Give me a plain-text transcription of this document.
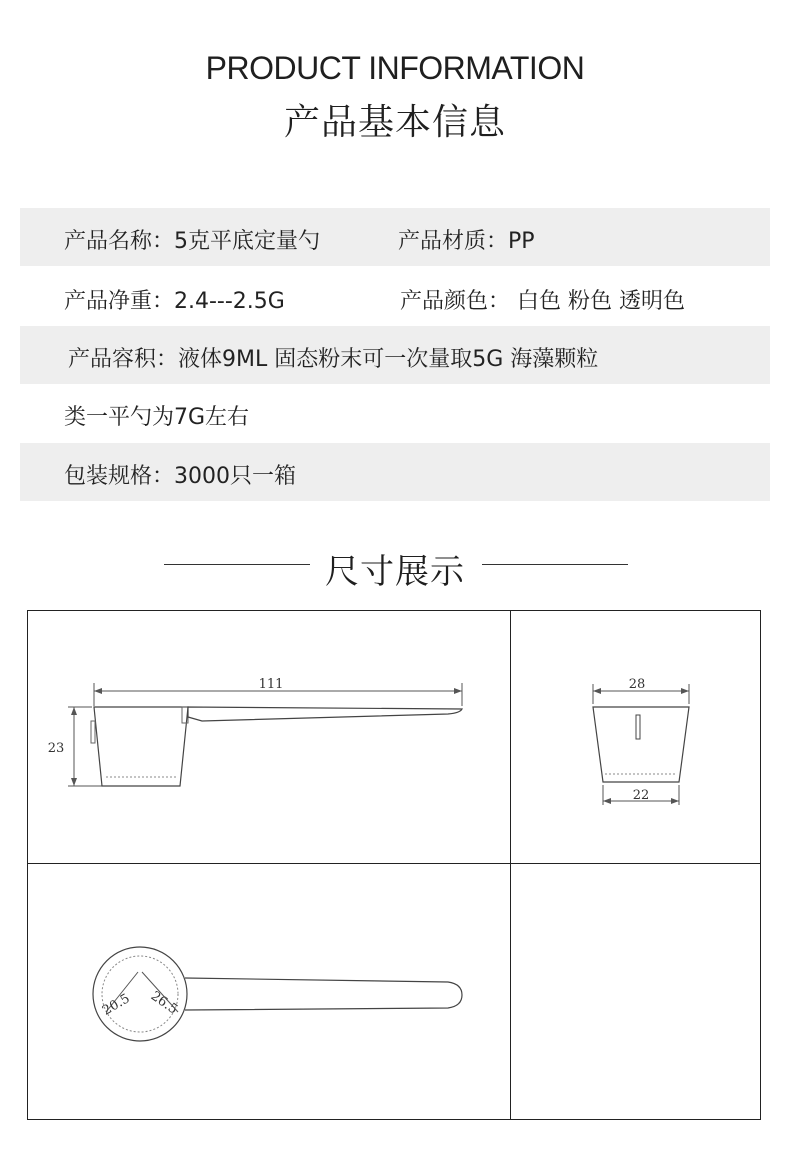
PRODUCT INFORMATION
产品基本信息
产品名称：5克平底定量勺	产品材质：PP
产品净重：2.4---2.5G	产品颜色： 白色 粉色 透明色
产品容积：液体9ML 固态粉末可一次量取5G 海藻颗粒
类一平勺为7G左右
包装规格：3000只一箱
尺寸展示
111
23
28
22
20.5 26.5
